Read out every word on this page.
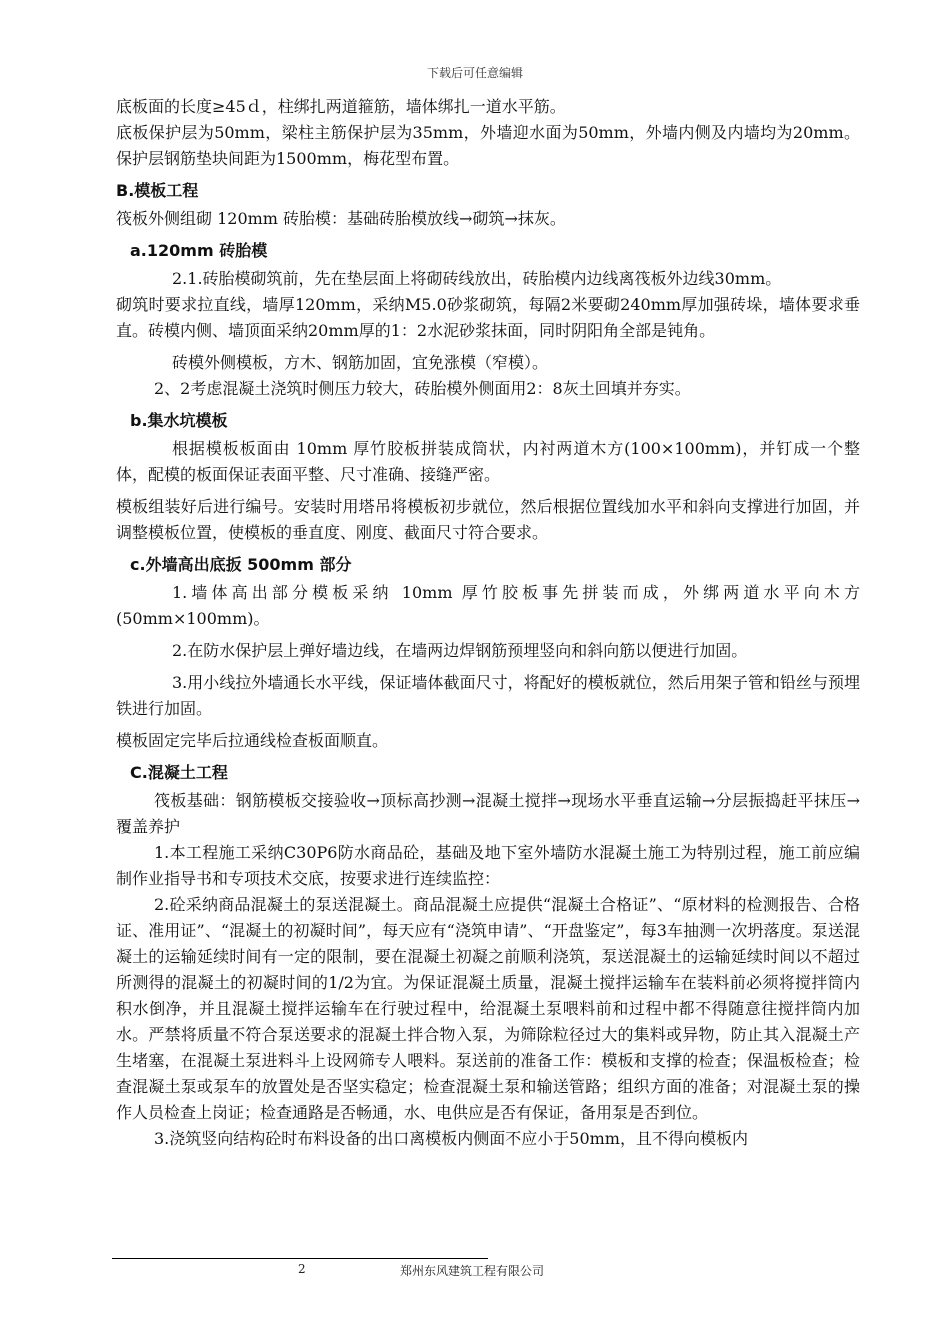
下载后可任意编辑

底板面的长度≥45ｄ，柱绑扎两道箍筋，墙体绑扎一道水平筋。

底板保护层为50mm，梁柱主筋保护层为35mm，外墙迎水面为50mm，外墙内侧及内墙均为20mm。保护层钢筋垫块间距为1500mm，梅花型布置。

B.模板工程

筏板外侧组砌 120mm 砖胎模：基础砖胎模放线→砌筑→抹灰。

a.120mm 砖胎模

2.1.砖胎模砌筑前，先在垫层面上将砌砖线放出，砖胎模内边线离筏板外边线30mm。

砌筑时要求拉直线，墙厚120mm，采纳M5.0砂浆砌筑，每隔2米要砌240mm厚加强砖垛，墙体要求垂直。砖模内侧、墙顶面采纳20mm厚的1：2水泥砂浆抹面，同时阴阳角全部是钝角。

砖模外侧模板，方木、钢筋加固，宜免涨模（窄模）。

2、2考虑混凝土浇筑时侧压力较大，砖胎模外侧面用2：8灰土回填并夯实。

b.集水坑模板

根据模板板面由 10mm 厚竹胶板拼装成筒状，内衬两道木方(100×100mm)，并钉成一个整体，配模的板面保证表面平整、尺寸准确、接缝严密。

模板组装好后进行编号。安装时用塔吊将模板初步就位，然后根据位置线加水平和斜向支撑进行加固，并调整模板位置，使模板的垂直度、刚度、截面尺寸符合要求。

c.外墙高出底扳 500mm 部分

1.墙体高出部分模板采纳 10mm 厚竹胶板事先拼装而成，外绑两道水平向木方(50mm×100mm)。

2.在防水保护层上弹好墙边线，在墙两边焊钢筋预埋竖向和斜向筋以便进行加固。

3.用小线拉外墙通长水平线，保证墙体截面尺寸，将配好的模板就位，然后用架子管和铅丝与预埋铁进行加固。

模板固定完毕后拉通线检查板面顺直。

C.混凝土工程

筏板基础：钢筋模板交接验收→顶标高抄测→混凝土搅拌→现场水平垂直运输→分层振捣赶平抹压→覆盖养护

1.本工程施工采纳C30P6防水商品砼，基础及地下室外墙防水混凝土施工为特别过程，施工前应编制作业指导书和专项技术交底，按要求进行连续监控：

2.砼采纳商品混凝土的泵送混凝土。商品混凝土应提供“混凝土合格证”、“原材料的检测报告、合格证、准用证”、“混凝土的初凝时间”，每天应有“浇筑申请”、“开盘鉴定”，每3车抽测一次坍落度。泵送混凝土的运输延续时间有一定的限制，要在混凝土初凝之前顺利浇筑，泵送混凝土的运输延续时间以不超过所测得的混凝土的初凝时间的1/2为宜。为保证混凝土质量，混凝土搅拌运输车在装料前必须将搅拌筒内积水倒净，并且混凝土搅拌运输车在行驶过程中，给混凝土泵喂料前和过程中都不得随意往搅拌筒内加水。严禁将质量不符合泵送要求的混凝土拌合物入泵，为筛除粒径过大的集料或异物，防止其入混凝土产生堵塞，在混凝土泵进料斗上设网筛专人喂料。泵送前的准备工作：模板和支撑的检查；保温板检查；检查混凝土泵或泵车的放置处是否坚实稳定；检查混凝土泵和输送管路；组织方面的准备；对混凝土泵的操作人员检查上岗证；检查通路是否畅通，水、电供应是否有保证，备用泵是否到位。

3.浇筑竖向结构砼时布料设备的出口离模板内侧面不应小于50mm，且不得向模板内

2	郑州东风建筑工程有限公司
